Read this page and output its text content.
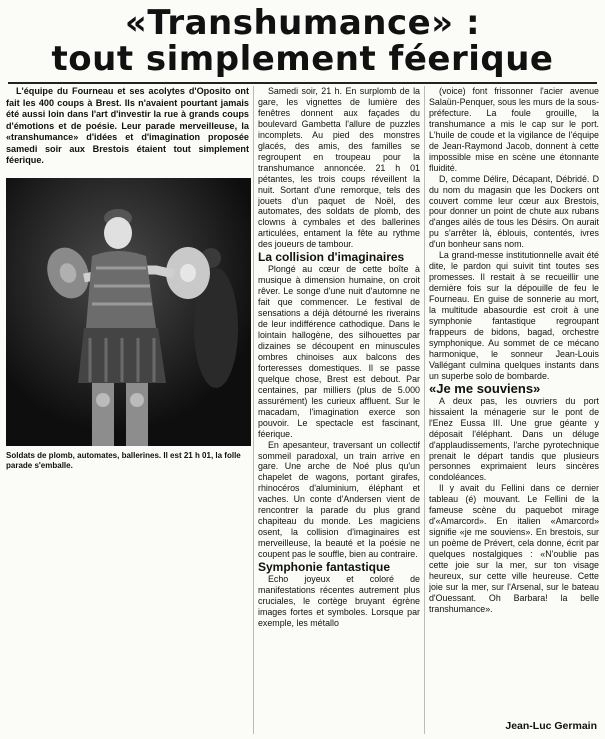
«Transhumance» :
tout simplement féerique

L'équipe du Fourneau et ses acolytes d'Oposito ont fait les 400 coups à Brest. Ils n'avaient pourtant jamais été aussi loin dans l'art d'investir la rue à grands coups d'émotions et de poésie. Leur parade merveilleuse, la «transhumance» d'idées et d'imagination proposée samedi soir aux Brestois étaient tout simplement féerique.

Soldats de plomb, automates, ballerines. Il est 21 h 01, la folle parade s'emballe.

Samedi soir, 21 h. En surplomb de la gare, les vignettes de lumière des fenêtres donnent aux façades du boulevard Gambetta l'allure de puzzles incomplets. Au pied des monstres glacés, des amis, des familles se regroupent en troupeau pour la transhumance annoncée. 21 h 01 pétantes, les trois coups réveillent la nuit. Sortant d'une remorque, tels des jouets d'un paquet de Noël, des automates, des soldats de plomb, des clowns à cymbales et des ballerines articulées, entament la fête au rythme des joueurs de tambour.

La collision d'imaginaires

Plongé au cœur de cette boîte à musique à dimension humaine, on croit rêver. Le songe d'une nuit d'automne ne fait que commencer. Le festival de sensations a déjà détourné les riverains de leur indifférence cathodique. Dans le lointain hallogène, des silhouettes par dizaines se découpent en minuscules ombres chinoises aux balcons des forteresses domestiques. Il se passe quelque chose, Brest est debout. Par centaines, par milliers (plus de 5.000 assurément) les curieux affluent. Sur le macadam, l'imagination exerce son pouvoir. Le spectacle est fascinant, féerique.

En apesanteur, traversant un collectif sommeil paradoxal, un train arrive en gare. Une arche de Noé plus qu'un chapelet de wagons, portant girafes, rhinocéros d'aluminium, éléphant et vaches. Un conte d'Andersen vient de rencontrer la parade du plus grand chapiteau du monde. Les magiciens osent, la collision d'imaginaires est merveilleuse, la beauté et la poésie ne coupent pas le souffle, bien au contraire.

Symphonie fantastique

Echo joyeux et coloré de manifestations récentes autrement plus cruciales, le cortège bruyant égrène images fortes et symboles. Lorsque par exemple, les métallo

(voice) font frissonner l'acier avenue Salaün-Penquer, sous les murs de la sous-préfecture. La foule grouille, la transhumance a mis le cap sur le port. L'huile de coude et la vigilance de l'équipe de Jean-Raymond Jacob, donnent à cette impossible mise en scène une étonnante fluidité.

D, comme Délire, Décapant, Débridé. D du nom du magasin que les Dockers ont couvert comme leur cœur aux Brestois, pour donner un point de chute aux rubans d'anges ailés de tous les Désirs. On aurait pu s'arrêter là, éblouis, contentés, ivres d'un bonheur sans nom.

La grand-messe institutionnelle avait été dite, le pardon qui suivit tint toutes ses promesses. Il restait à se recueillir une dernière fois sur la dépouille de feu le Fourneau. En guise de sonnerie au mort, la multitude abasourdie est croit à une symphonie fantastique regroupant frappeurs de bidons, bagad, orchestre symphonique. Au sommet de ce mécano harmonique, le sonneur Jean-Louis Vallégant culmina quelques instants dans un superbe solo de bombarde.

«Je me souviens»

A deux pas, les ouvriers du port hissaient la ménagerie sur le pont de l'Enez Eussa III. Une grue géante y déposait l'éléphant. Dans un déluge d'applaudissements, l'arche pyrotechnique prenait le départ tandis que plusieurs personnes exprimaient leurs sincères condoléances.

Il y avait du Fellini dans ce dernier tableau (é) mouvant. Le Fellini de la fameuse scène du paquebot mirage d'«Amarcord». En italien «Amarcord» signifie «je me souviens». En brestois, sur un poème de Prévert, cela donne, écrit par quelques nostalgiques : «N'oublie pas cette joie sur la mer, sur ton visage heureux, sur cette ville heureuse. Cette joie sur la mer, sur l'Arsenal, sur le bateau d'Ouessant. Oh Barbara! la belle transhumance».

Jean-Luc Germain
